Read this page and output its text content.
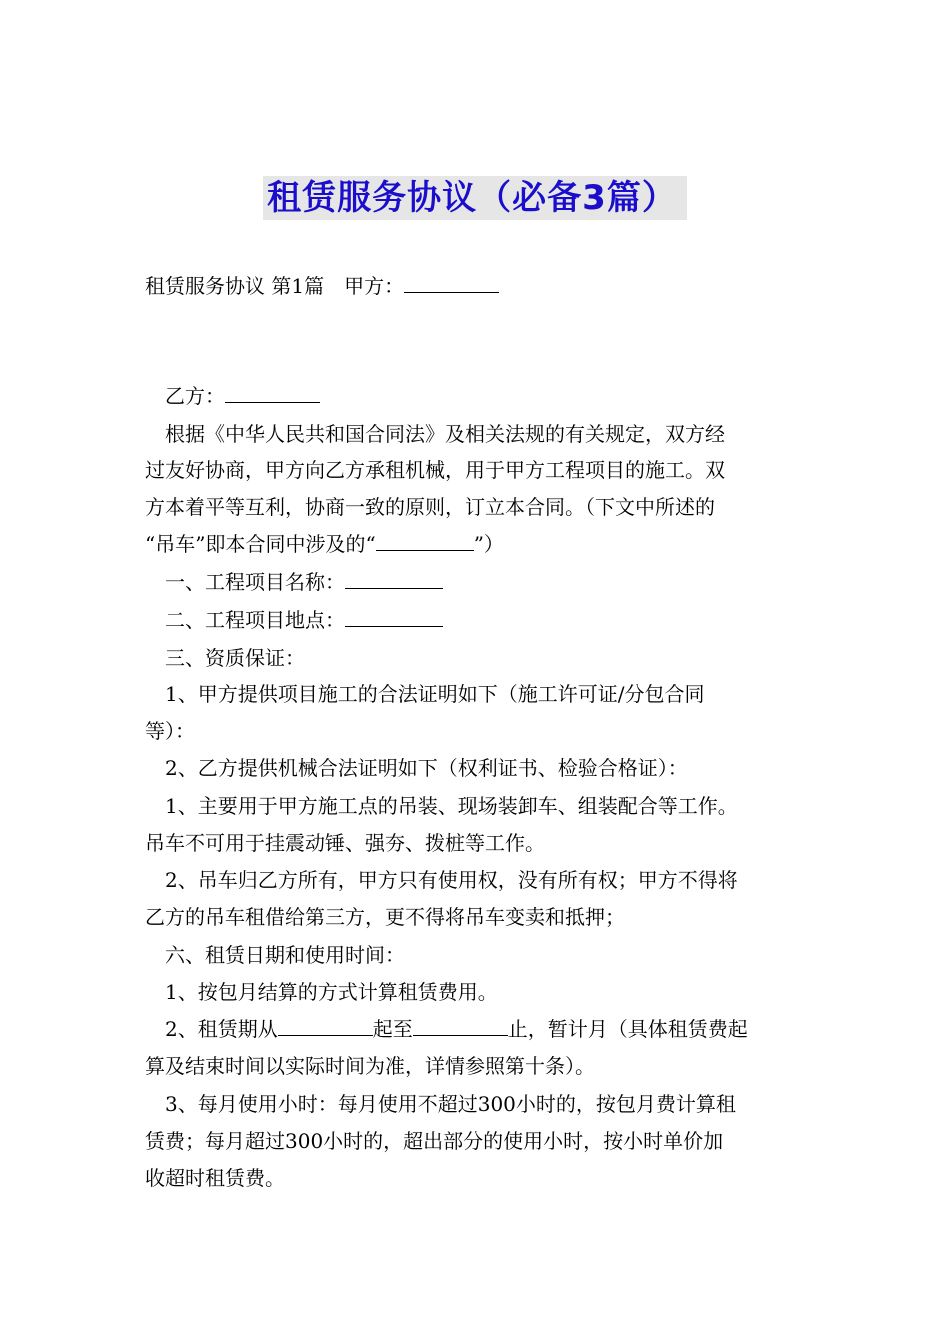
租赁服务协议（必备3篇）
租赁服务协议 第1篇　甲方：
　乙方：
　根据《中华人民共和国合同法》及相关法规的有关规定，双方经
过友好协商，甲方向乙方承租机械，用于甲方工程项目的施工。双
方本着平等互利，协商一致的原则，订立本合同。（下文中所述的
“吊车”即本合同中涉及的“	”）
　一、工程项目名称：
　二、工程项目地点：
　三、资质保证：
　1、甲方提供项目施工的合法证明如下（施工许可证/分包合同
等）：
　2、乙方提供机械合法证明如下（权利证书、检验合格证）：
　1、主要用于甲方施工点的吊装、现场装卸车、组装配合等工作。
吊车不可用于挂震动锤、强夯、拨桩等工作。
　2、吊车归乙方所有，甲方只有使用权，没有所有权；甲方不得将
乙方的吊车租借给第三方，更不得将吊车变卖和抵押；
　六、租赁日期和使用时间：
　1、按包月结算的方式计算租赁费用。
　2、租赁期从	起至	止，暂计月（具体租赁费起
算及结束时间以实际时间为准，详情参照第十条）。
　3、每月使用小时：每月使用不超过300小时的，按包月费计算租
赁费；每月超过300小时的，超出部分的使用小时，按小时单价加
收超时租赁费。
